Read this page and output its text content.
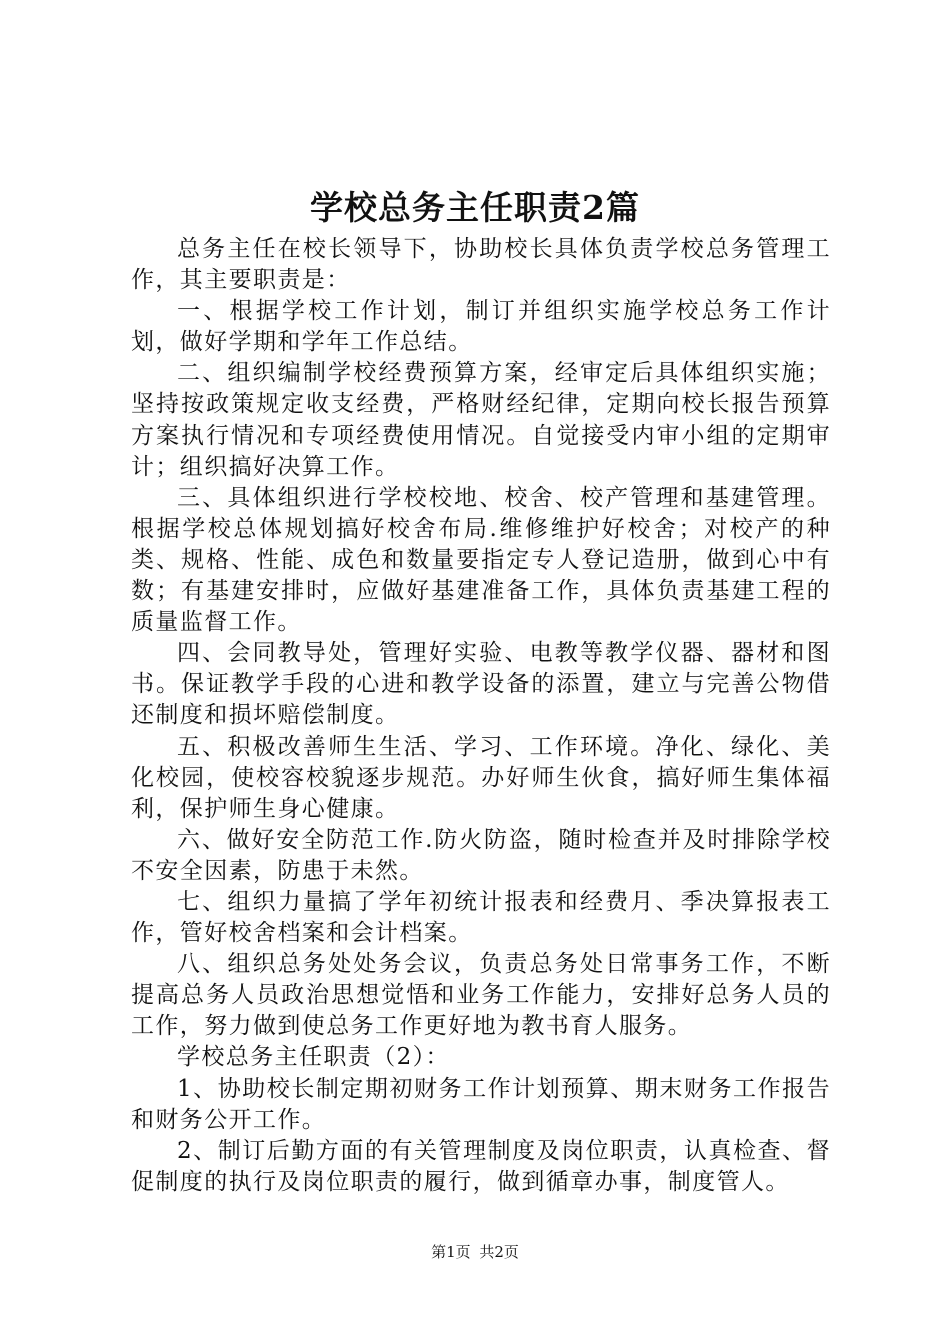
学校总务主任职责2篇

总务主任在校长领导下，协助校长具体负责学校总务管理工作，其主要职责是：

一、根据学校工作计划，制订并组织实施学校总务工作计划，做好学期和学年工作总结。

二、组织编制学校经费预算方案，经审定后具体组织实施；坚持按政策规定收支经费，严格财经纪律，定期向校长报告预算方案执行情况和专项经费使用情况。自觉接受内审小组的定期审计；组织搞好决算工作。

三、具体组织进行学校校地、校舍、校产管理和基建管理。根据学校总体规划搞好校舍布局.维修维护好校舍；对校产的种类、规格、性能、成色和数量要指定专人登记造册，做到心中有数；有基建安排时，应做好基建准备工作，具体负责基建工程的质量监督工作。

四、会同教导处，管理好实验、电教等教学仪器、器材和图书。保证教学手段的心进和教学设备的添置，建立与完善公物借还制度和损坏赔偿制度。

五、积极改善师生生活、学习、工作环境。净化、绿化、美化校园，使校容校貌逐步规范。办好师生伙食，搞好师生集体福利，保护师生身心健康。

六、做好安全防范工作.防火防盗，随时检查并及时排除学校不安全因素，防患于未然。

七、组织力量搞了学年初统计报表和经费月、季决算报表工作，管好校舍档案和会计档案。

八、组织总务处处务会议，负责总务处日常事务工作，不断提高总务人员政治思想觉悟和业务工作能力，安排好总务人员的工作，努力做到使总务工作更好地为教书育人服务。

学校总务主任职责（2）：

1、协助校长制定期初财务工作计划预算、期末财务工作报告和财务公开工作。

2、制订后勤方面的有关管理制度及岗位职责，认真检查、督促制度的执行及岗位职责的履行，做到循章办事，制度管人。

第1页 共2页
